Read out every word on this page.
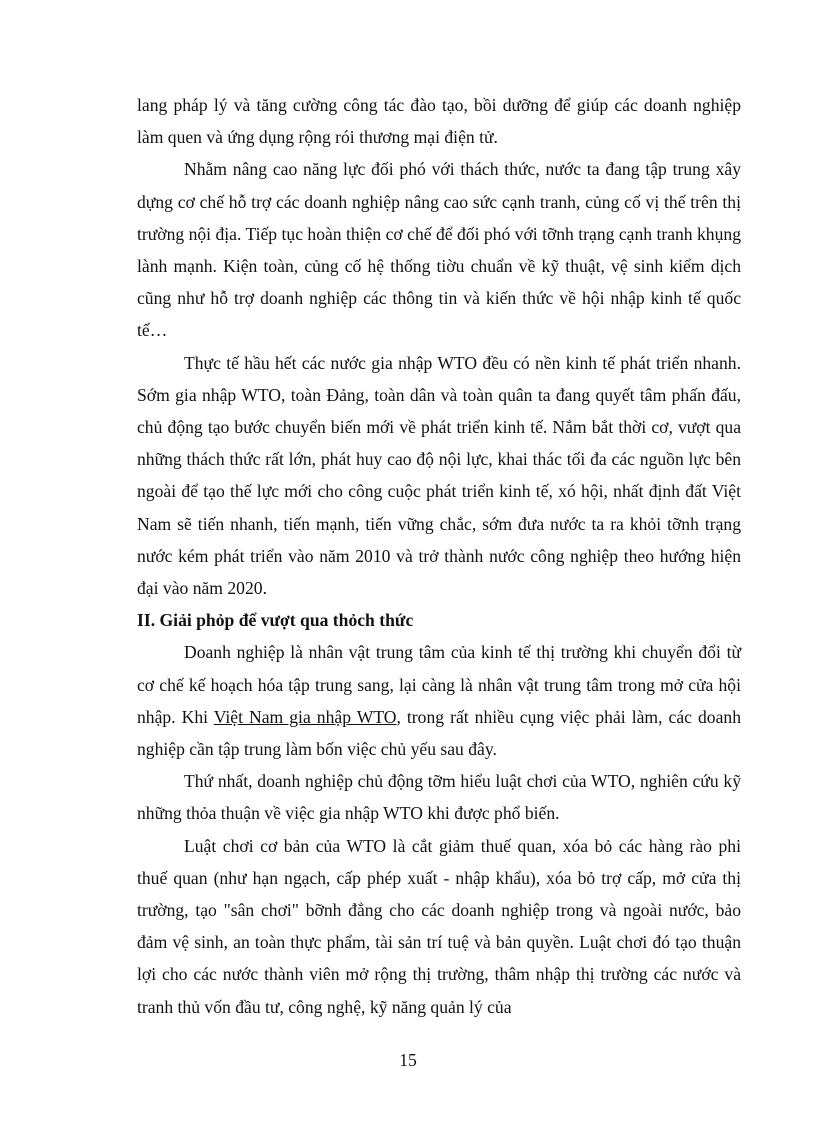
lang pháp lý và tăng cường công tác đào tạo, bồi dưỡng để giúp các doanh nghiệp làm quen và ứng dụng rộng rói thương mại điện tử.

Nhằm nâng cao năng lực đối phó với thách thức, nước ta đang tập trung xây dựng cơ chế hỗ trợ các doanh nghiệp nâng cao sức cạnh tranh, củng cố vị thế trên thị trường nội địa. Tiếp tục hoàn thiện cơ chế để đối phó với tỡnh trạng cạnh tranh khụng lành mạnh. Kiện toàn, củng cố hệ thống tiờu chuẩn về kỹ thuật, vệ sinh kiểm dịch cũng như hỗ trợ doanh nghiệp các thông tin và kiến thức về hội nhập kinh tế quốc tế…

Thực tế hầu hết các nước gia nhập WTO đều có nền kinh tế phát triển nhanh. Sớm gia nhập WTO, toàn Đảng, toàn dân và toàn quân ta đang quyết tâm phấn đấu, chủ động tạo bước chuyển biến mới về phát triển kinh tế. Nắm bắt thời cơ, vượt qua những thách thức rất lớn, phát huy cao độ nội lực, khai thác tối đa các nguồn lực bên ngoài để tạo thế lực mới cho công cuộc phát triển kinh tế, xó hội, nhất định đất Việt Nam sẽ tiến nhanh, tiến mạnh, tiến vững chắc, sớm đưa nước ta ra khỏi tỡnh trạng nước kém phát triển vào năm 2010 và trở thành nước công nghiệp theo hướng hiện đại vào năm 2020.

II. Giải phỏp để vượt qua thỏch thức

Doanh nghiệp là nhân vật trung tâm của kinh tế thị trường khi chuyển đổi từ cơ chế kế hoạch hóa tập trung sang, lại càng là nhân vật trung tâm trong mở cửa hội nhập. Khi Việt Nam gia nhập WTO, trong rất nhiều cụng việc phải làm, các doanh nghiệp cần tập trung làm bốn việc chủ yếu sau đây.

Thứ nhất, doanh nghiệp chủ động tỡm hiểu luật chơi của WTO, nghiên cứu kỹ những thỏa thuận về việc gia nhập WTO khi được phổ biến.

Luật chơi cơ bản của WTO là cắt giảm thuế quan, xóa bỏ các hàng rào phi thuế quan (như hạn ngạch, cấp phép xuất - nhập khẩu), xóa bỏ trợ cấp, mở cửa thị trường, tạo "sân chơi" bỡnh đẳng cho các doanh nghiệp trong và ngoài nước, bảo đảm vệ sinh, an toàn thực phẩm, tài sản trí tuệ và bản quyền. Luật chơi đó tạo thuận lợi cho các nước thành viên mở rộng thị trường, thâm nhập thị trường các nước và tranh thủ vốn đầu tư, công nghệ, kỹ năng quản lý của

15
